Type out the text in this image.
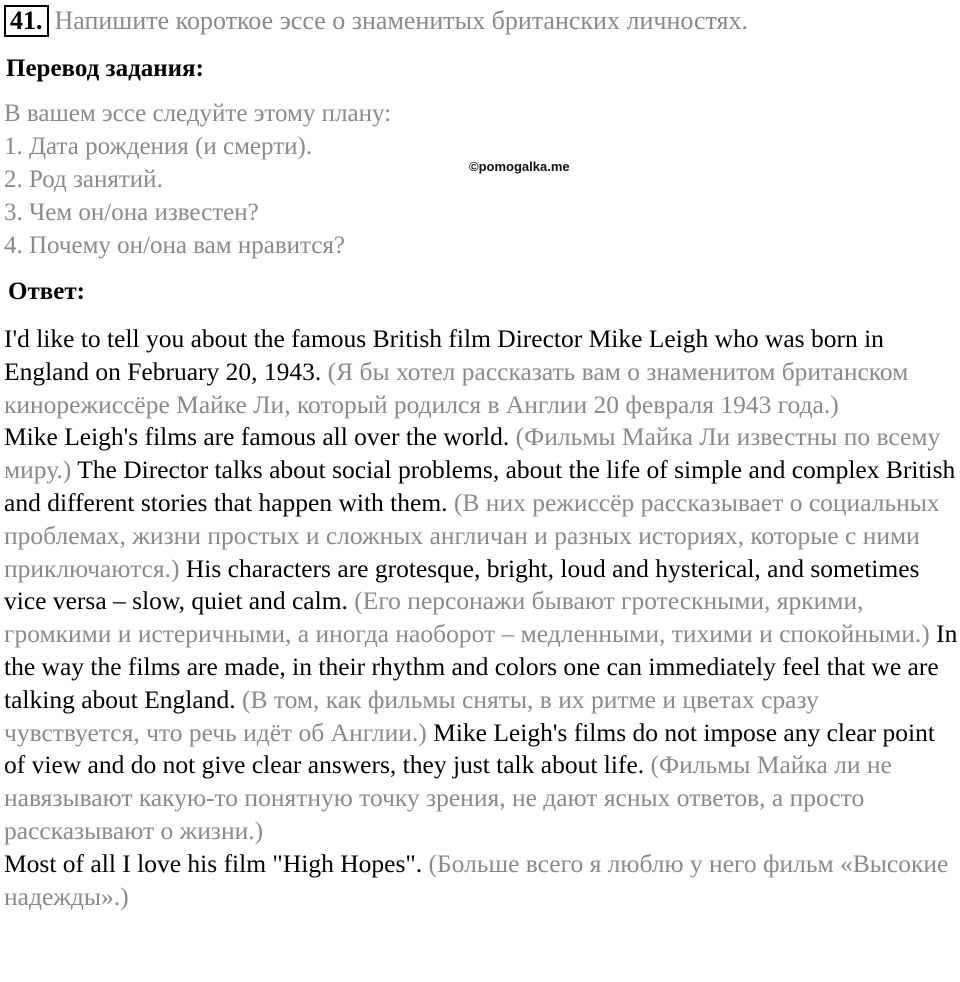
41. Напишите короткое эссе о знаменитых британских личностях.
Перевод задания:
В вашем эссе следуйте этому плану:
1. Дата рождения (и смерти).
2. Род занятий.
3. Чем он/она известен?
4. Почему он/она вам нравится?
©pomogalka.me
Ответ:

I'd like to tell you about the famous British film Director Mike Leigh who was born in England on February 20, 1943. (Я бы хотел рассказать вам о знаменитом британском кинорежиссёре Майке Ли, который родился в Англии 20 февраля 1943 года.)

Mike Leigh's films are famous all over the world. (Фильмы Майка Ли известны по всему миру.) The Director talks about social problems, about the life of simple and complex British and different stories that happen with them. (В них режиссёр рассказывает о социальных проблемах, жизни простых и сложных англичан и разных историях, которые с ними приключаются.) His characters are grotesque, bright, loud and hysterical, and sometimes vice versa – slow, quiet and calm. (Его персонажи бывают гротескными, яркими, громкими и истеричными, а иногда наоборот – медленными, тихими и спокойными.) In the way the films are made, in their rhythm and colors one can immediately feel that we are talking about England. (В том, как фильмы сняты, в их ритме и цветах сразу чувствуется, что речь идёт об Англии.) Mike Leigh's films do not impose any clear point of view and do not give clear answers, they just talk about life. (Фильмы Майка ли не навязывают какую-то понятную точку зрения, не дают ясных ответов, а просто рассказывают о жизни.)

Most of all I love his film "High Hopes". (Больше всего я люблю у него фильм «Высокие надежды».)
